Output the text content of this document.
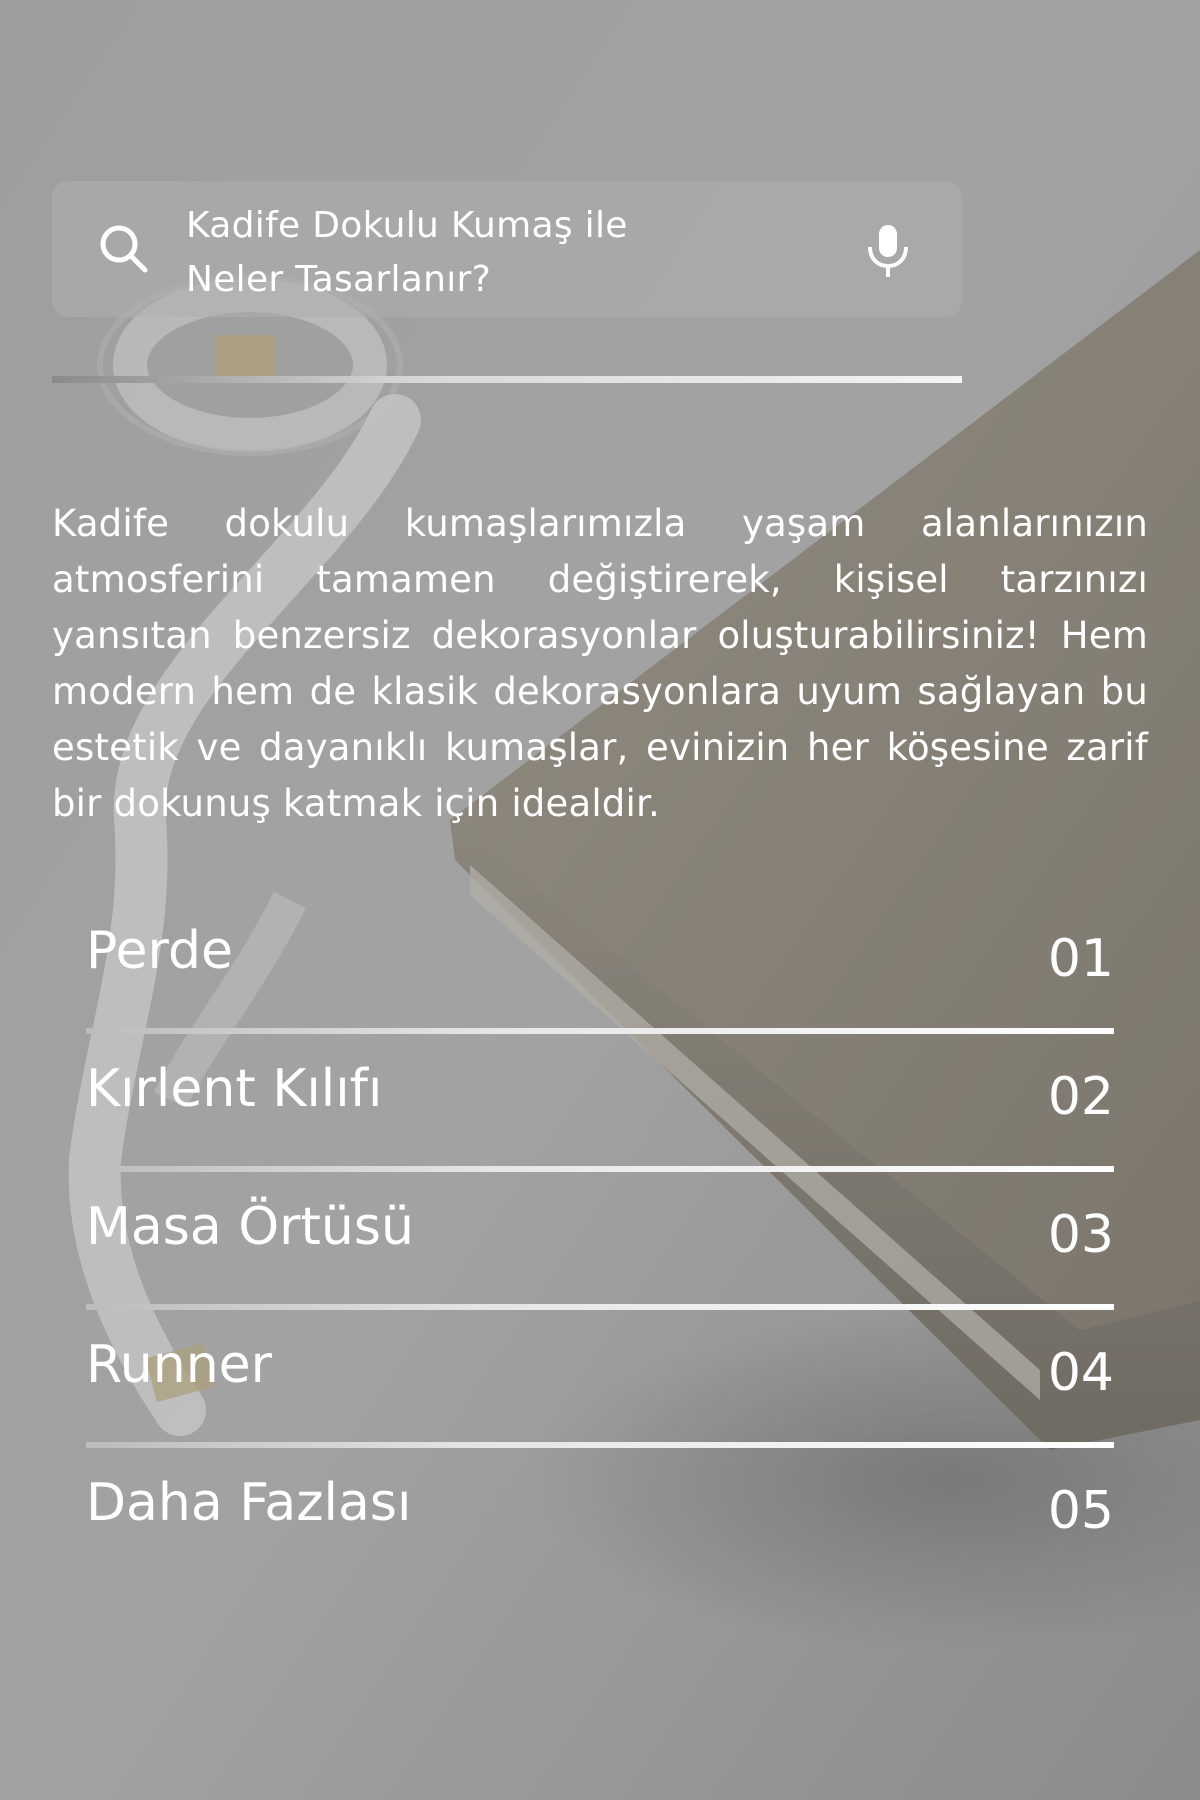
Kadife Dokulu Kumaş ile
Neler Tasarlanır?

Kadife dokulu kumaşlarımızla yaşam alanlarınızın atmosferini tamamen değiştirerek, kişisel tarzınızı yansıtan benzersiz dekorasyonlar oluşturabilirsiniz! Hem modern hem de klasik dekorasyonlara uyum sağlayan bu estetik ve dayanıklı kumaşlar, evinizin her köşesine zarif bir dokunuş katmak için idealdir.

Perde	01
Kırlent Kılıfı	02
Masa Örtüsü	03
Runner	04
Daha Fazlası	05
